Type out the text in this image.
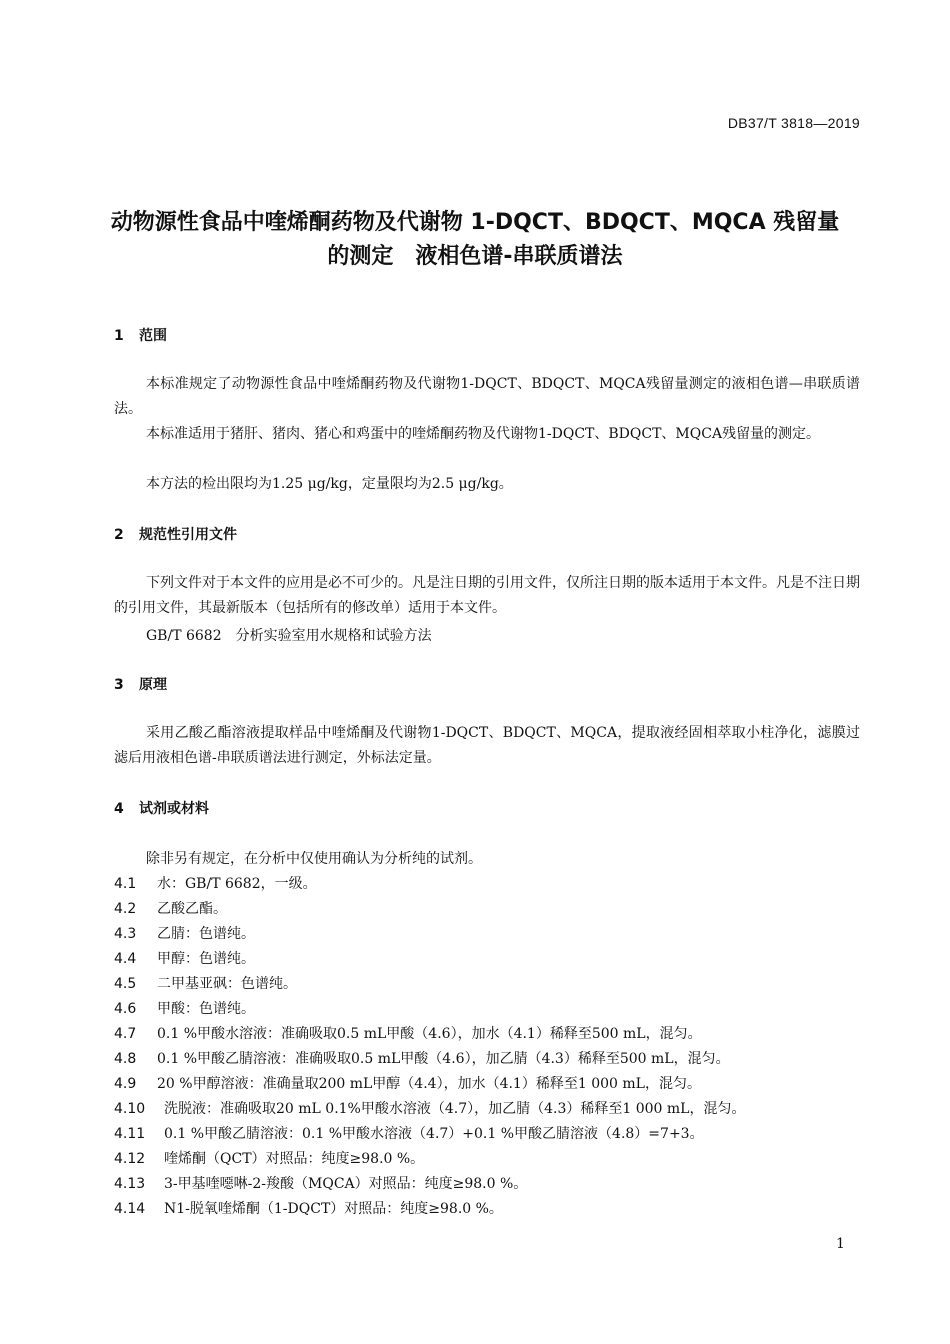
DB37/T 3818—2019
动物源性食品中喹烯酮药物及代谢物 1-DQCT、BDQCT、MQCA 残留量
的测定　液相色谱-串联质谱法
1 范围
本标准规定了动物源性食品中喹烯酮药物及代谢物1-DQCT、BDQCT、MQCA残留量测定的液相色谱—串联质谱法。
本标准适用于猪肝、猪肉、猪心和鸡蛋中的喹烯酮药物及代谢物1-DQCT、BDQCT、MQCA残留量的测定。
本方法的检出限均为1.25 μg/kg，定量限均为2.5 μg/kg。
2 规范性引用文件
下列文件对于本文件的应用是必不可少的。凡是注日期的引用文件，仅所注日期的版本适用于本文件。凡是不注日期的引用文件，其最新版本（包括所有的修改单）适用于本文件。
GB/T 6682　分析实验室用水规格和试验方法
3 原理
采用乙酸乙酯溶液提取样品中喹烯酮及代谢物1-DQCT、BDQCT、MQCA，提取液经固相萃取小柱净化，滤膜过滤后用液相色谱-串联质谱法进行测定，外标法定量。
4 试剂或材料
除非另有规定，在分析中仅使用确认为分析纯的试剂。
4.1 水：GB/T 6682，一级。
4.2 乙酸乙酯。
4.3 乙腈：色谱纯。
4.4 甲醇：色谱纯。
4.5 二甲基亚砜：色谱纯。
4.6 甲酸：色谱纯。
4.7 0.1 %甲酸水溶液：准确吸取0.5 mL甲酸（4.6），加水（4.1）稀释至500 mL，混匀。
4.8 0.1 %甲酸乙腈溶液：准确吸取0.5 mL甲酸（4.6），加乙腈（4.3）稀释至500 mL，混匀。
4.9 20 %甲醇溶液：准确量取200 mL甲醇（4.4），加水（4.1）稀释至1 000 mL，混匀。
4.10 洗脱液：准确吸取20 mL 0.1%甲酸水溶液（4.7），加乙腈（4.3）稀释至1 000 mL，混匀。
4.11 0.1 %甲酸乙腈溶液：0.1 %甲酸水溶液（4.7）+0.1 %甲酸乙腈溶液（4.8）=7+3。
4.12 喹烯酮（QCT）对照品：纯度≥98.0 %。
4.13 3-甲基喹噁啉-2-羧酸（MQCA）对照品：纯度≥98.0 %。
4.14 N1-脱氧喹烯酮（1-DQCT）对照品：纯度≥98.0 %。
1
